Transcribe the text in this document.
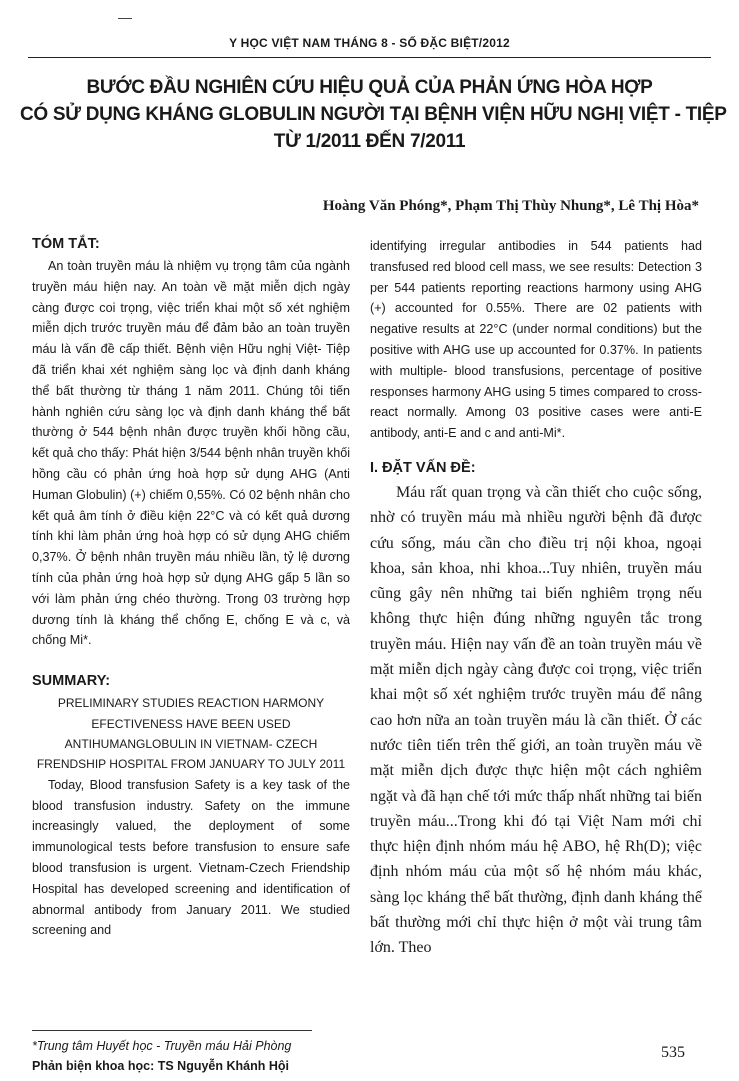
Y HỌC VIỆT NAM THÁNG 8 - SỐ ĐẶC BIỆT/2012
BƯỚC ĐẦU NGHIÊN CỨU HIỆU QUẢ CỦA PHẢN ỨNG HÒA HỢP
CÓ SỬ DỤNG KHÁNG GLOBULIN NGƯỜI TẠI BỆNH VIỆN HỮU NGHỊ VIỆT - TIỆP
TỪ 1/2011 ĐẾN 7/2011
Hoàng Văn Phóng*, Phạm Thị Thùy Nhung*, Lê Thị Hòa*
TÓM TẮT:

An toàn truyền máu là nhiệm vụ trọng tâm của ngành truyền máu hiện nay. An toàn về mặt miễn dịch ngày càng được coi trọng, việc triển khai một số xét nghiệm miễn dịch trước truyền máu để đảm bảo an toàn truyền máu là vấn đề cấp thiết. Bệnh viện Hữu nghị Việt- Tiệp đã triển khai xét nghiệm sàng lọc và định danh kháng thể bất thường từ tháng 1 năm 2011. Chúng tôi tiến hành nghiên cứu sàng lọc và định danh kháng thể bất thường ở 544 bệnh nhân được truyền khối hồng cầu, kết quả cho thấy: Phát hiện 3/544 bệnh nhân truyền khối hồng cầu có phản ứng hoà hợp sử dụng AHG (Anti Human Globulin) (+) chiếm 0,55%. Có 02 bệnh nhân cho kết quả âm tính ở điều kiện 22°C và có kết quả dương tính khi làm phản ứng hoà hợp có sử dụng AHG chiếm 0,37%. Ở bệnh nhân truyền máu nhiều lần, tỷ lệ dương tính của phản ứng hoà hợp sử dụng AHG gấp 5 lần so với làm phản ứng chéo thường. Trong 03 trường hợp dương tính là kháng thể chống E, chống E và c, và chống Mi*.

SUMMARY:
PRELIMINARY STUDIES REACTION HARMONY
EFECTIVENESS HAVE BEEN USED
ANTIHUMANGLOBULIN IN VIETNAM- CZECH
FRENDSHIP HOSPITAL FROM JANUARY TO JULY 2011

Today, Blood transfusion Safety is a key task of the blood transfusion industry. Safety on the immune increasingly valued, the deployment of some immunological tests before transfusion to ensure safe blood transfusion is urgent. Vietnam-Czech Friendship Hospital has developed screening and identification of abnormal antibody from January 2011. We studied screening and

identifying irregular antibodies in 544 patients had transfused red blood cell mass, we see results: Detection 3 per 544 patients reporting reactions harmony using AHG (+) accounted for 0.55%. There are 02 patients with negative results at 22°C (under normal conditions) but the positive with AHG use up accounted for 0.37%. In patients with multiple- blood transfusions, percentage of positive responses harmony AHG using 5 times compared to cross-react normally. Among 03 positive cases were anti-E antibody, anti-E and c and anti-Mi*.

I. ĐẶT VẤN ĐỀ:

Máu rất quan trọng và cần thiết cho cuộc sống, nhờ có truyền máu mà nhiều người bệnh đã được cứu sống, máu cần cho điều trị nội khoa, ngoại khoa, sản khoa, nhi khoa...Tuy nhiên, truyền máu cũng gây nên những tai biến nghiêm trọng nếu không thực hiện đúng những nguyên tắc trong truyền máu. Hiện nay vấn đề an toàn truyền máu về mặt miễn dịch ngày càng được coi trọng, việc triển khai một số xét nghiệm trước truyền máu để nâng cao hơn nữa an toàn truyền máu là cần thiết. Ở các nước tiên tiến trên thế giới, an toàn truyền máu về mặt miễn dịch được thực hiện một cách nghiêm ngặt và đã hạn chế tới mức thấp nhất những tai biến truyền máu...Trong khi đó tại Việt Nam mới chỉ thực hiện định nhóm máu hệ ABO, hệ Rh(D); việc định nhóm máu của một số hệ nhóm máu khác, sàng lọc kháng thể bất thường, định danh kháng thể bất thường mới chỉ thực hiện ở một vài trung tâm lớn. Theo

*Trung tâm Huyết học - Truyền máu Hải Phòng
Phản biện khoa học: TS Nguyễn Khánh Hội
535
